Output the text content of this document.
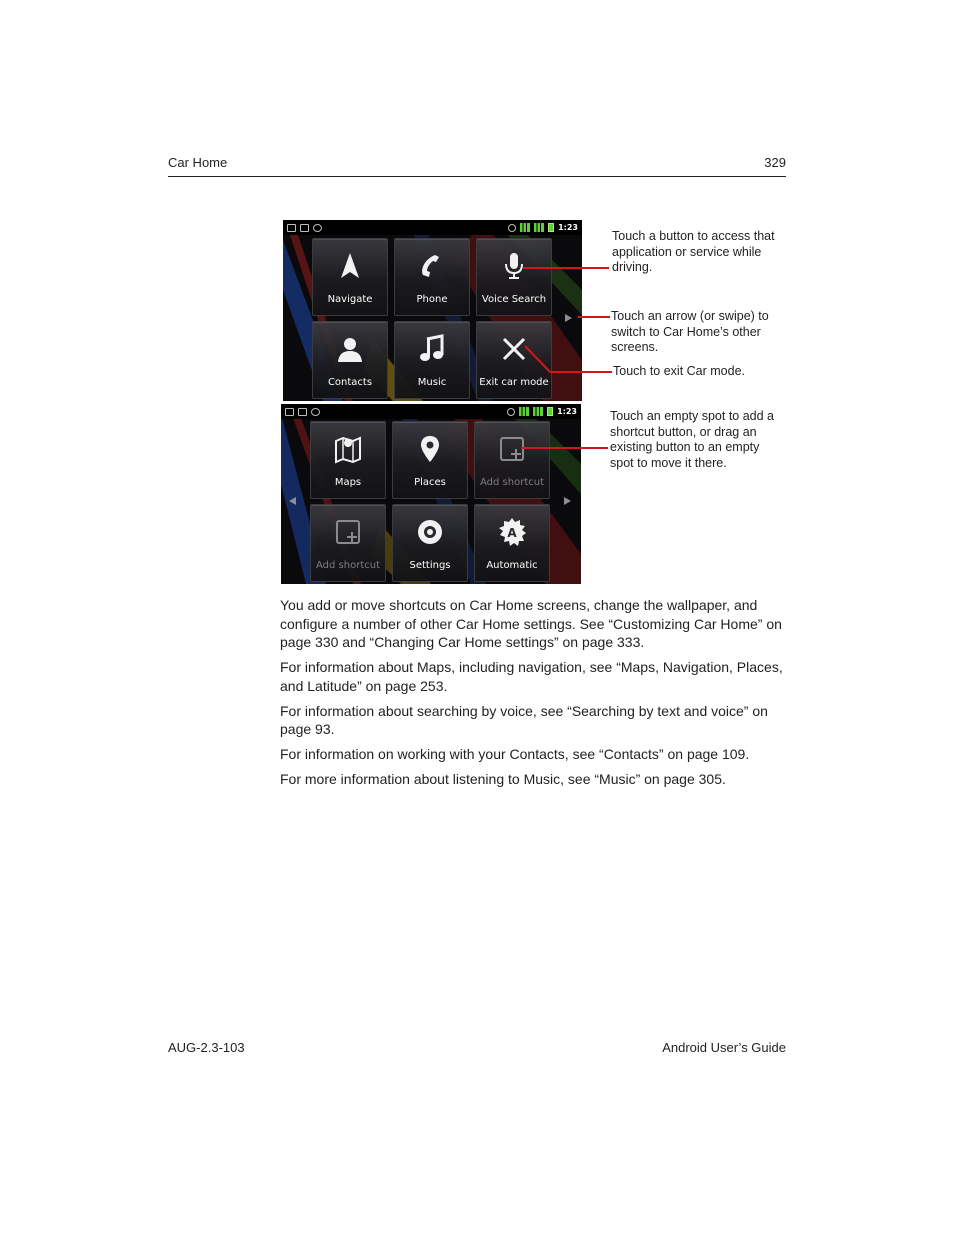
Car Home	329
1:23
Navigate	Phone	Voice Search
Contacts	Music	Exit car mode
1:23
Maps	Places	Add shortcut
Add shortcut	Settings
A
Automatic
Touch a button to access that application or service while driving.
Touch an arrow (or swipe) to switch to Car Home’s other screens.
Touch to exit Car mode.
Touch an empty spot to add a shortcut button, or drag an existing button to an empty spot to move it there.

You add or move shortcuts on Car Home screens, change the wallpaper, and configure a number of other Car Home settings. See “Customizing Car Home” on page 330 and “Changing Car Home settings” on page 333.

For information about Maps, including navigation, see “Maps, Navigation, Places, and Latitude” on page 253.

For information about searching by voice, see “Searching by text and voice” on page 93.

For information on working with your Contacts, see “Contacts” on page 109.

For more information about listening to Music, see “Music” on page 305.

AUG-2.3-103	Android User’s Guide
